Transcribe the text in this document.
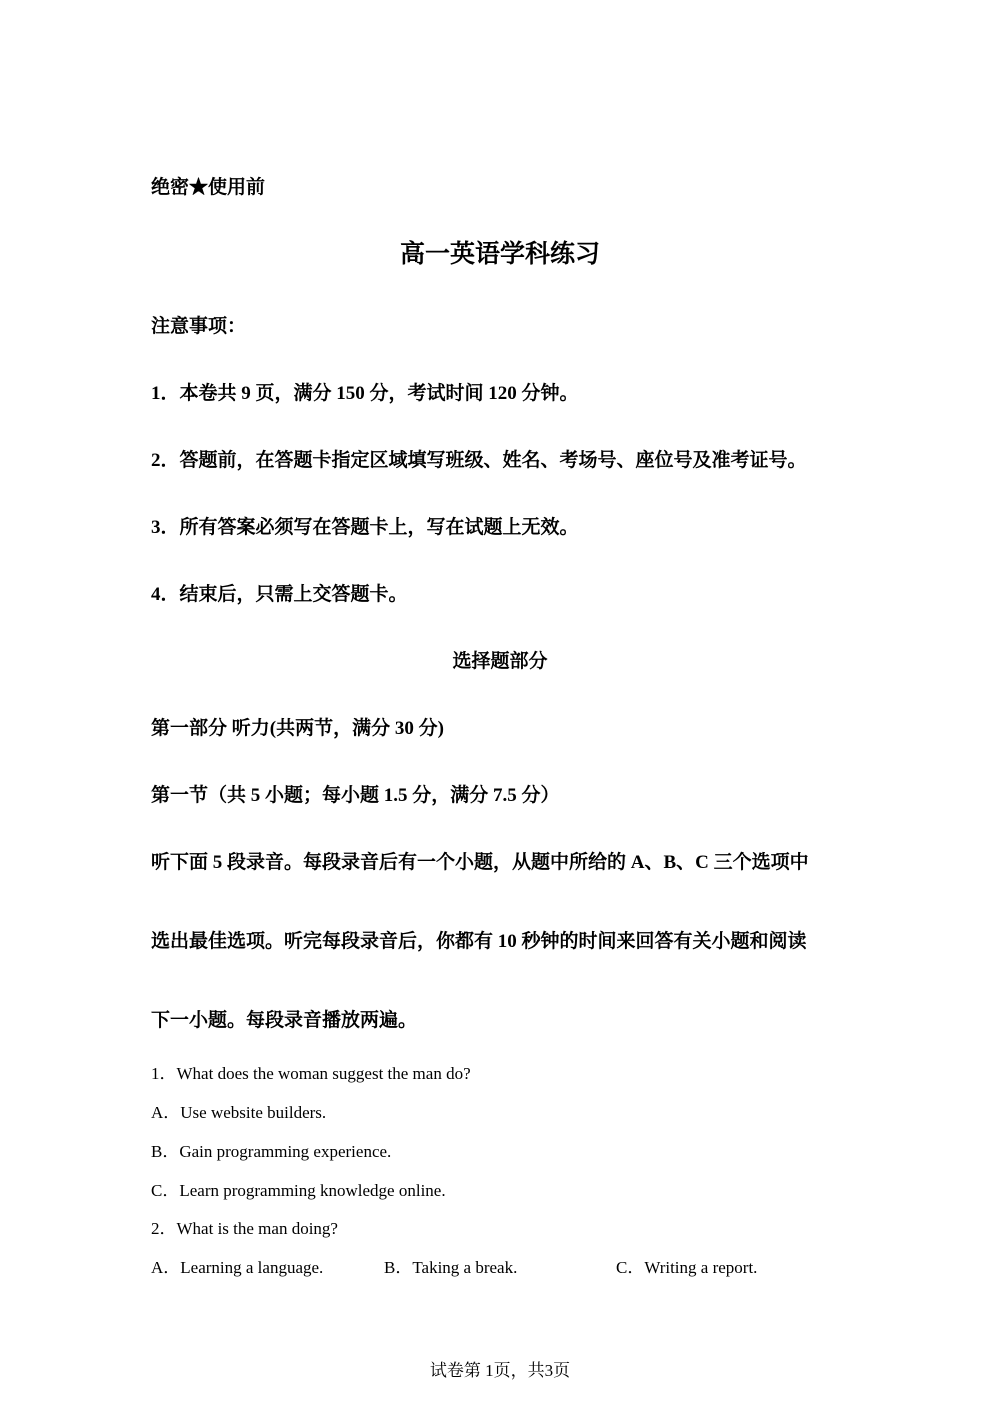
绝密★使用前
高一英语学科练习
注意事项：
1．本卷共 9 页，满分 150 分，考试时间 120 分钟。
2．答题前，在答题卡指定区域填写班级、姓名、考场号、座位号及准考证号。
3．所有答案必须写在答题卡上，写在试题上无效。
4．结束后，只需上交答题卡。
选择题部分
第一部分 听力(共两节，满分 30 分)
第一节（共 5 小题；每小题 1.5 分，满分 7.5 分）
听下面 5 段录音。每段录音后有一个小题，从题中所给的 A、B、C 三个选项中
选出最佳选项。听完每段录音后，你都有 10 秒钟的时间来回答有关小题和阅读
下一小题。每段录音播放两遍。
1．What does the woman suggest the man do?
A．Use website builders.
B．Gain programming experience.
C．Learn programming knowledge online.
2．What is the man doing?
A．Learning a language.	B．Taking a break.	C．Writing a report.
试卷第 1页，共3页
